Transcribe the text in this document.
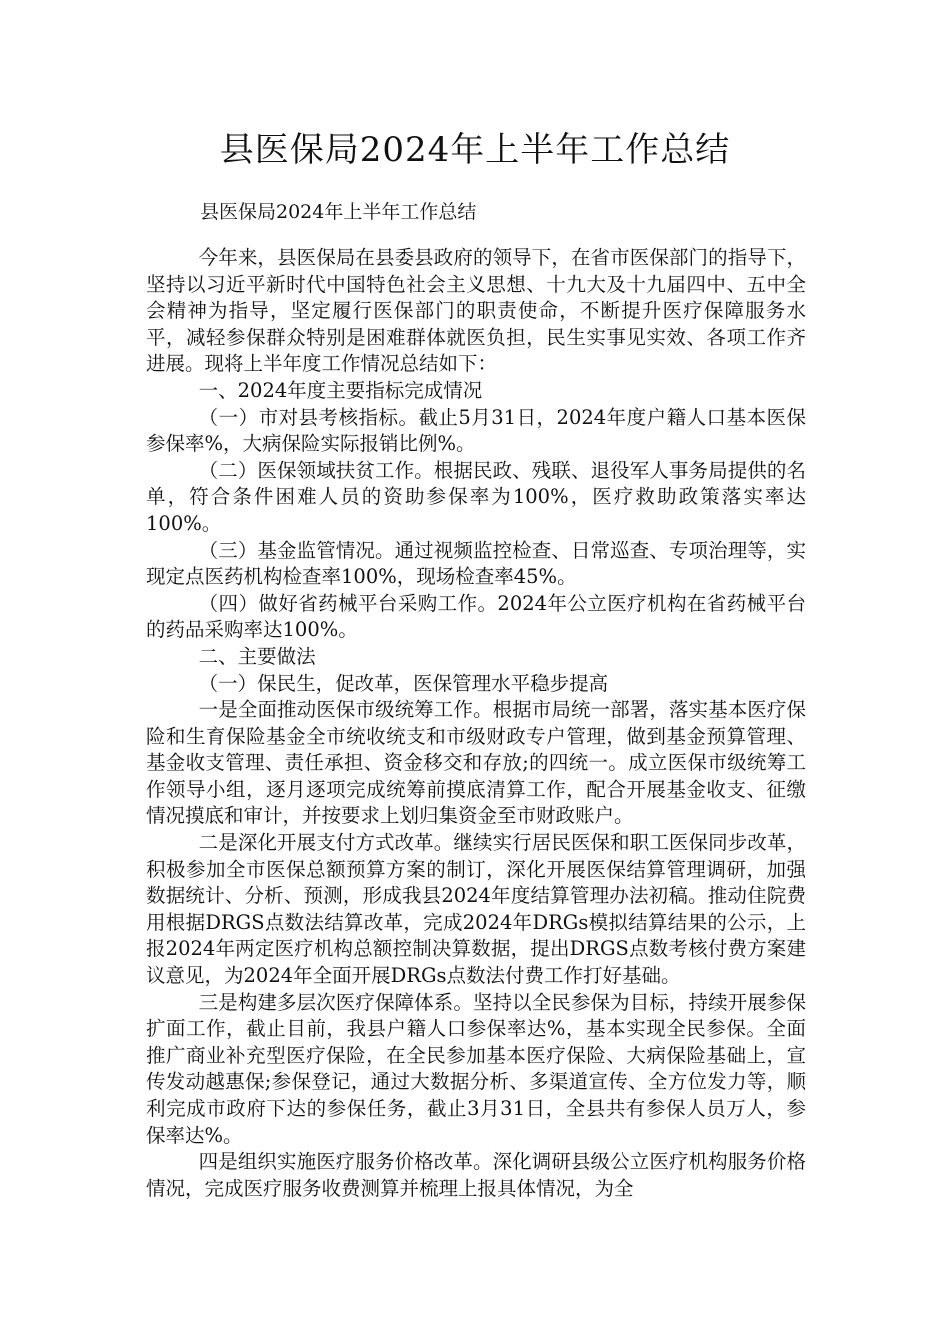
县医保局2024年上半年工作总结
县医保局2024年上半年工作总结

今年来，县医保局在县委县政府的领导下，在省市医保部门的指导下，坚持以习近平新时代中国特色社会主义思想、十九大及十九届四中、五中全会精神为指导，坚定履行医保部门的职责使命，不断提升医疗保障服务水平，减轻参保群众特别是困难群体就医负担，民生实事见实效、各项工作齐进展。现将上半年度工作情况总结如下：

一、2024年度主要指标完成情况

（一）市对县考核指标。截止5月31日，2024年度户籍人口基本医保参保率%，大病保险实际报销比例%。

（二）医保领域扶贫工作。根据民政、残联、退役军人事务局提供的名单，符合条件困难人员的资助参保率为100%，医疗救助政策落实率达100%。

（三）基金监管情况。通过视频监控检查、日常巡查、专项治理等，实现定点医药机构检查率100%，现场检查率45%。

（四）做好省药械平台采购工作。2024年公立医疗机构在省药械平台的药品采购率达100%。

二、主要做法

（一）保民生，促改革，医保管理水平稳步提高

一是全面推动医保市级统筹工作。根据市局统一部署，落实基本医疗保险和生育保险基金全市统收统支和市级财政专户管理，做到基金预算管理、基金收支管理、责任承担、资金移交和存放;的四统一。成立医保市级统筹工作领导小组，逐月逐项完成统筹前摸底清算工作，配合开展基金收支、征缴情况摸底和审计，并按要求上划归集资金至市财政账户。

二是深化开展支付方式改革。继续实行居民医保和职工医保同步改革，积极参加全市医保总额预算方案的制订，深化开展医保结算管理调研，加强数据统计、分析、预测，形成我县2024年度结算管理办法初稿。推动住院费用根据DRGS点数法结算改革，完成2024年DRGs模拟结算结果的公示，上报2024年两定医疗机构总额控制决算数据，提出DRGS点数考核付费方案建议意见，为2024年全面开展DRGs点数法付费工作打好基础。

三是构建多层次医疗保障体系。坚持以全民参保为目标，持续开展参保扩面工作，截止目前，我县户籍人口参保率达%，基本实现全民参保。全面推广商业补充型医疗保险，在全民参加基本医疗保险、大病保险基础上，宣传发动越惠保;参保登记，通过大数据分析、多渠道宣传、全方位发力等，顺利完成市政府下达的参保任务，截止3月31日，全县共有参保人员万人，参保率达%。

四是组织实施医疗服务价格改革。深化调研县级公立医疗机构服务价格情况，完成医疗服务收费测算并梳理上报具体情况，为全
